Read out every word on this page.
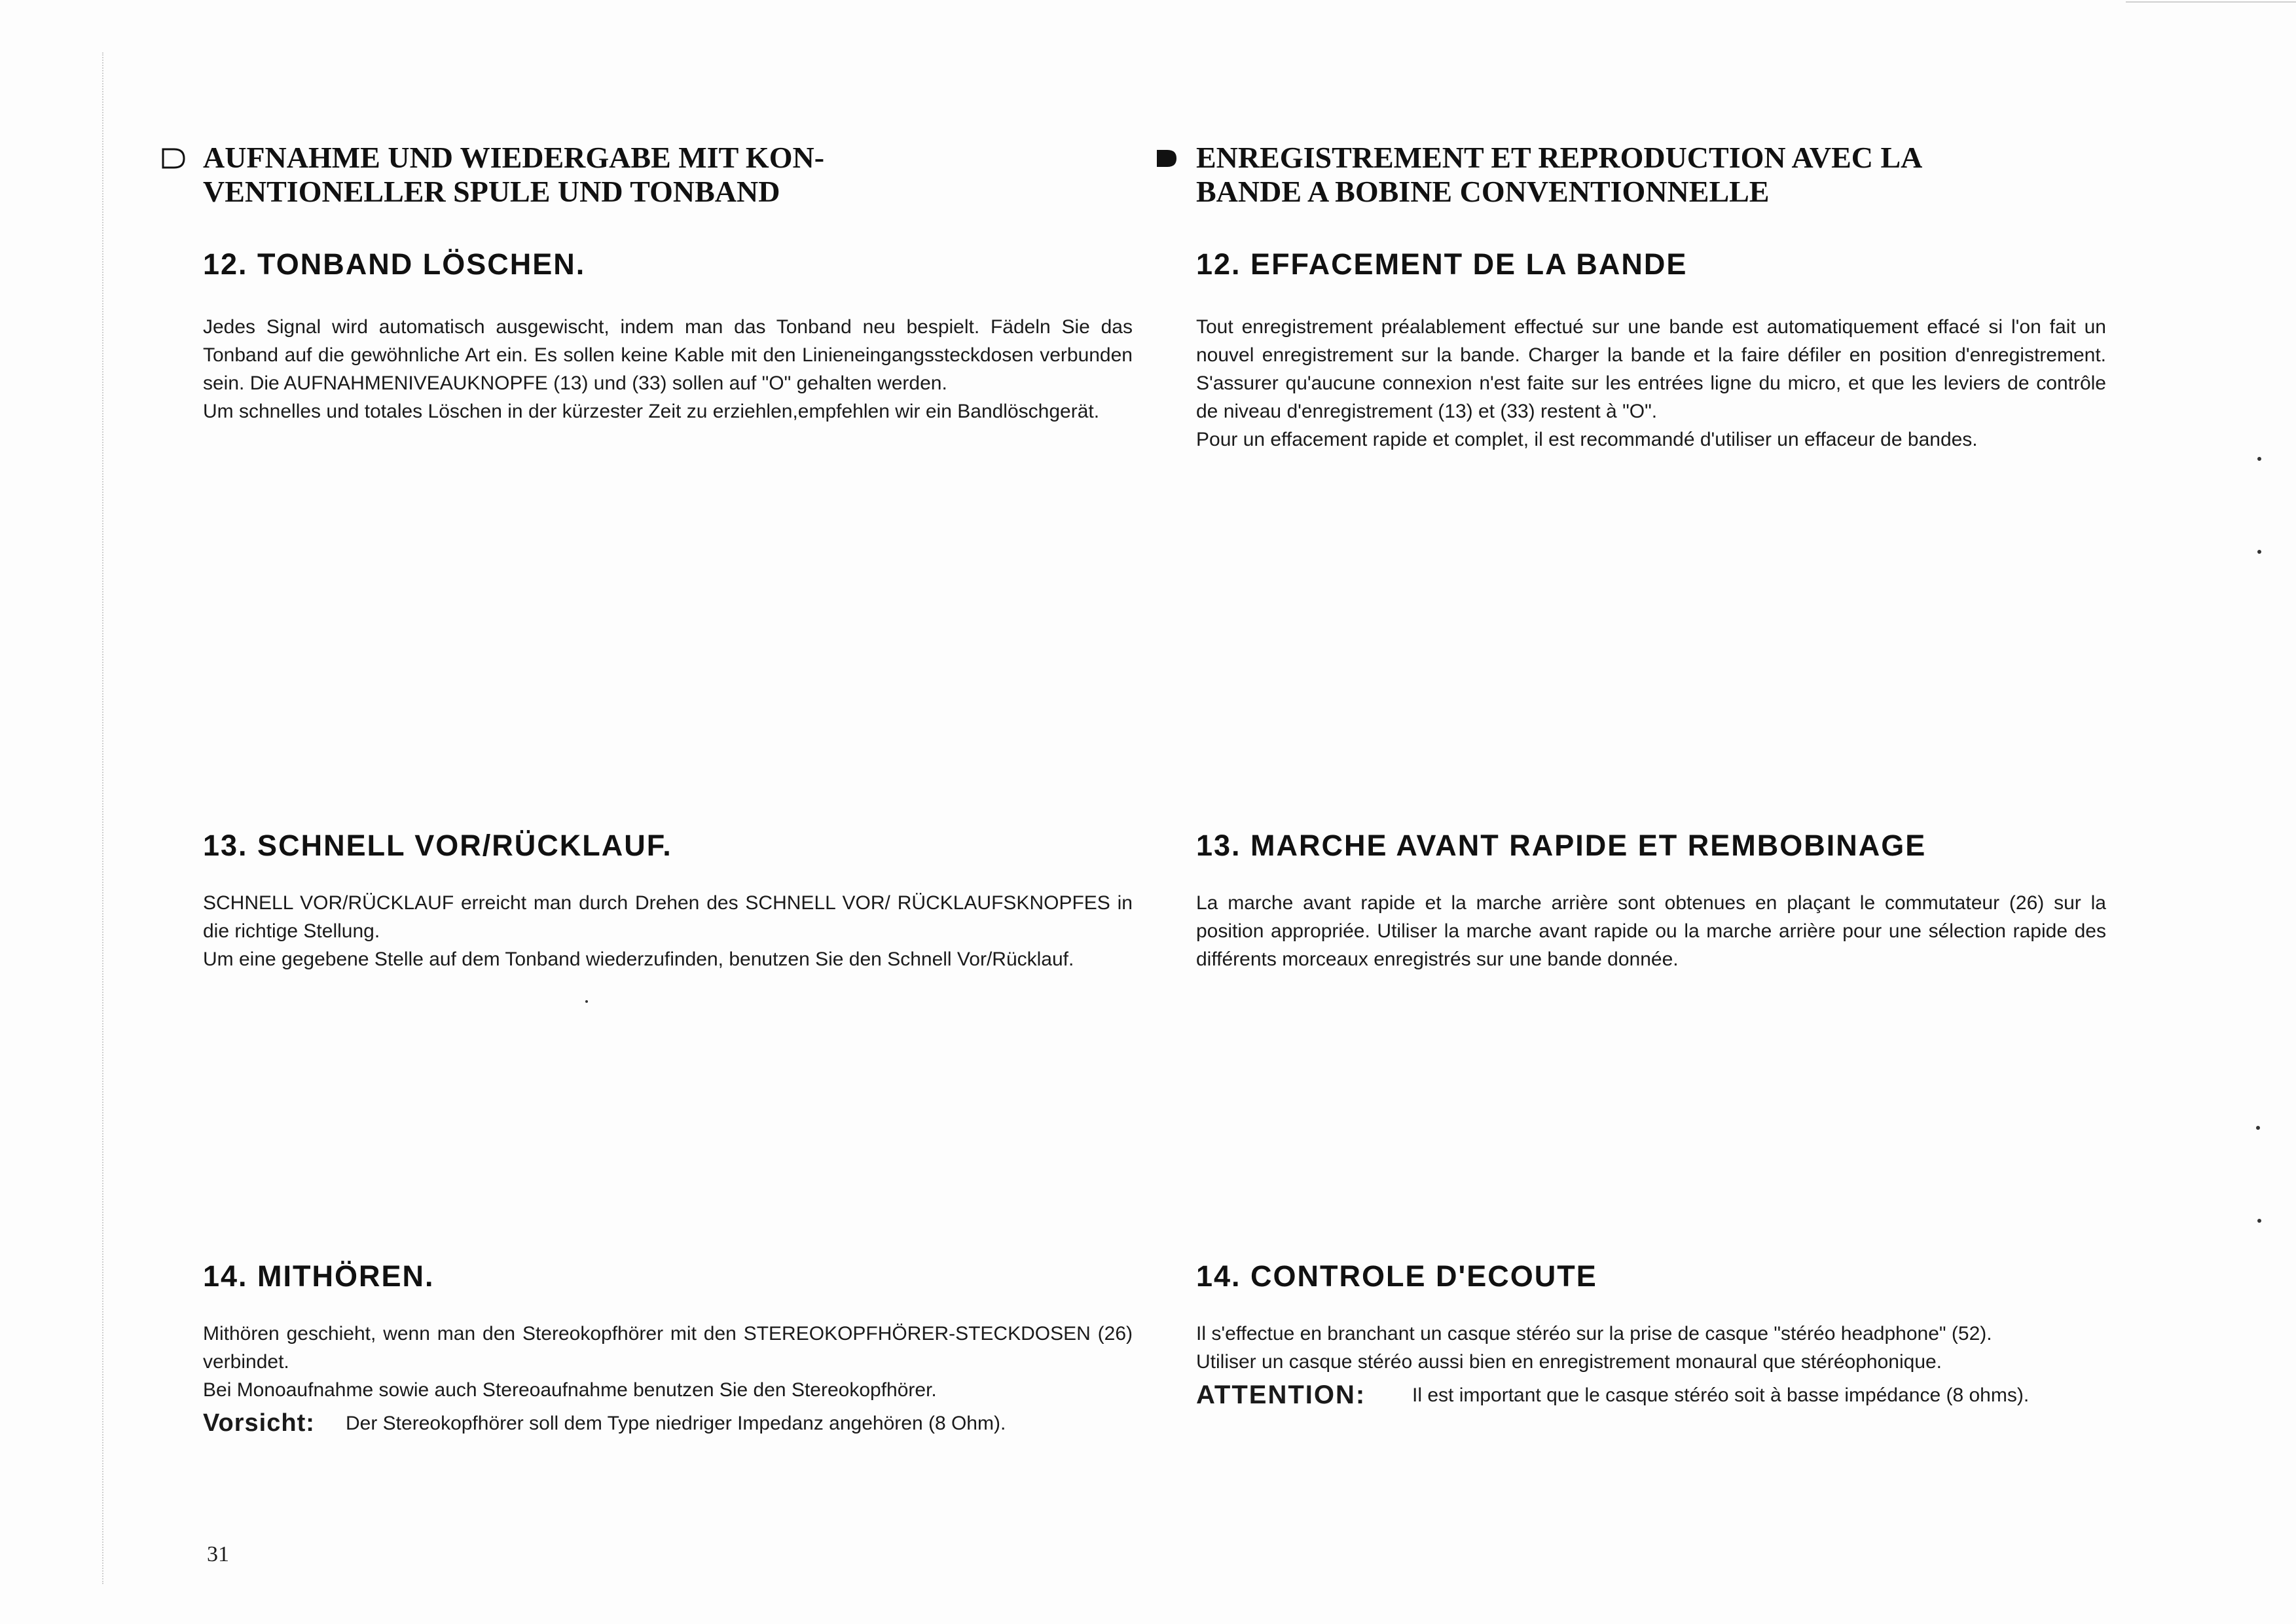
AUFNAHME UND WIEDERGABE MIT KON- VENTIONELLER SPULE UND TONBAND
12. TONBAND LÖSCHEN.

Jedes Signal wird automatisch ausgewischt, indem man das Tonband neu bespielt. Fädeln Sie das Tonband auf die gewöhnliche Art ein. Es sollen keine Kable mit den Linieneingangssteckdosen verbunden sein. Die AUFNAHMENIVEAUKNOPFE (13) und (33) sollen auf "O" gehalten werden.

Um schnelles und totales Löschen in der kürzester Zeit zu erziehlen,empfehlen wir ein Bandlöschgerät.

13. SCHNELL VOR/RÜCKLAUF.

SCHNELL VOR/RÜCKLAUF erreicht man durch Drehen des SCHNELL VOR/ RÜCKLAUFSKNOPFES in die richtige Stellung.

Um eine gegebene Stelle auf dem Tonband wiederzufinden, benutzen Sie den Schnell Vor/Rücklauf.

14. MITHÖREN.

Mithören geschieht, wenn man den Stereokopfhörer mit den STEREOKOPFHÖRER-STECKDOSEN (26) verbindet.

Bei Monoaufnahme sowie auch Stereoaufnahme benutzen Sie den Stereokopfhörer.

Vorsicht:	Der Stereokopfhörer soll dem Type niedriger Impedanz angehören (8 Ohm).
ENREGISTREMENT ET REPRODUCTION AVEC LA BANDE A BOBINE CONVENTIONNELLE
12. EFFACEMENT DE LA BANDE

Tout enregistrement préalablement effectué sur une bande est automatiquement effacé si l'on fait un nouvel enregistrement sur la bande. Charger la bande et la faire défiler en position d'enregistrement. S'assurer qu'aucune connexion n'est faite sur les entrées ligne du micro, et que les leviers de contrôle de niveau d'enregistrement (13) et (33) restent à "O".

Pour un effacement rapide et complet, il est recommandé d'utiliser un effaceur de bandes.

13. MARCHE AVANT RAPIDE ET REMBOBINAGE

La marche avant rapide et la marche arrière sont obtenues en plaçant le commutateur (26) sur la position appropriée. Utiliser la marche avant rapide ou la marche arrière pour une sélection rapide des différents morceaux enregistrés sur une bande donnée.

14. CONTROLE D'ECOUTE

Il s'effectue en branchant un casque stéréo sur la prise de casque "stéréo headphone" (52).

Utiliser un casque stéréo aussi bien en enregistrement monaural que stéréophonique.

ATTENTION:	Il est important que le casque stéréo soit à basse impédance (8 ohms).
31
